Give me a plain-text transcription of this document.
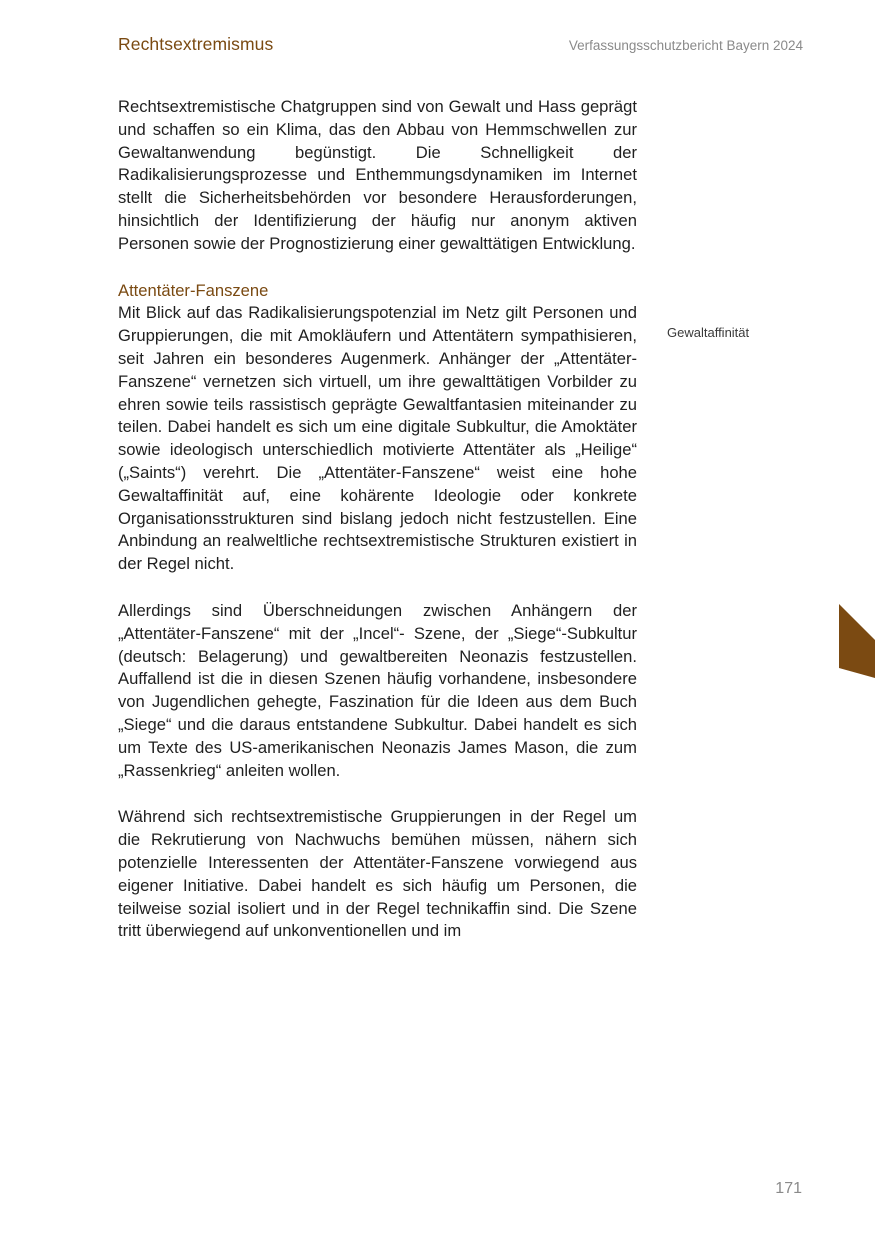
Rechtsextremismus	Verfassungsschutzbericht Bayern 2024

Rechtsextremistische Chatgruppen sind von Gewalt und Hass geprägt und schaffen so ein Klima, das den Abbau von Hemmschwellen zur Gewaltanwendung begünstigt. Die Schnelligkeit der Radikalisierungsprozesse und Enthemmungsdynamiken im Internet stellt die Sicherheitsbehörden vor besondere Herausforderungen, hinsichtlich der Identifizierung der häufig nur anonym aktiven Personen sowie der Prognostizierung einer gewalttätigen Entwicklung.

Attentäter-Fanszene

Mit Blick auf das Radikalisierungspotenzial im Netz gilt Personen und Gruppierungen, die mit Amokläufern und Attentätern sympathisieren, seit Jahren ein besonderes Augenmerk. Anhänger der „Attentäter-Fanszene“ vernetzen sich virtuell, um ihre gewalttätigen Vorbilder zu ehren sowie teils rassistisch geprägte Gewaltfantasien miteinander zu teilen. Dabei handelt es sich um eine digitale Subkultur, die Amoktäter sowie ideologisch unterschiedlich motivierte Attentäter als „Heilige“ („Saints“) verehrt. Die „Attentäter-Fanszene“ weist eine hohe Gewaltaffinität auf, eine kohärente Ideologie oder konkrete Organisationsstrukturen sind bislang jedoch nicht festzustellen. Eine Anbindung an realweltliche rechtsextremistische Strukturen existiert in der Regel nicht.

Allerdings sind Überschneidungen zwischen Anhängern der „Attentäter-Fanszene“ mit der „Incel“- Szene, der „Siege“-Subkultur (deutsch: Belagerung) und gewaltbereiten Neonazis festzustellen. Auffallend ist die in diesen Szenen häufig vorhandene, insbesondere von Jugendlichen gehegte, Faszination für die Ideen aus dem Buch „Siege“ und die daraus entstandene Subkultur. Dabei handelt es sich um Texte des US-amerikanischen Neonazis James Mason, die zum „Rassenkrieg“ anleiten wollen.

Während sich rechtsextremistische Gruppierungen in der Regel um die Rekrutierung von Nachwuchs bemühen müssen, nähern sich potenzielle Interessenten der Attentäter-Fanszene vorwiegend aus eigener Initiative. Dabei handelt es sich häufig um Personen, die teilweise sozial isoliert und in der Regel technikaffin sind. Die Szene tritt überwiegend auf unkonventionellen und im

Gewaltaffinität
171
